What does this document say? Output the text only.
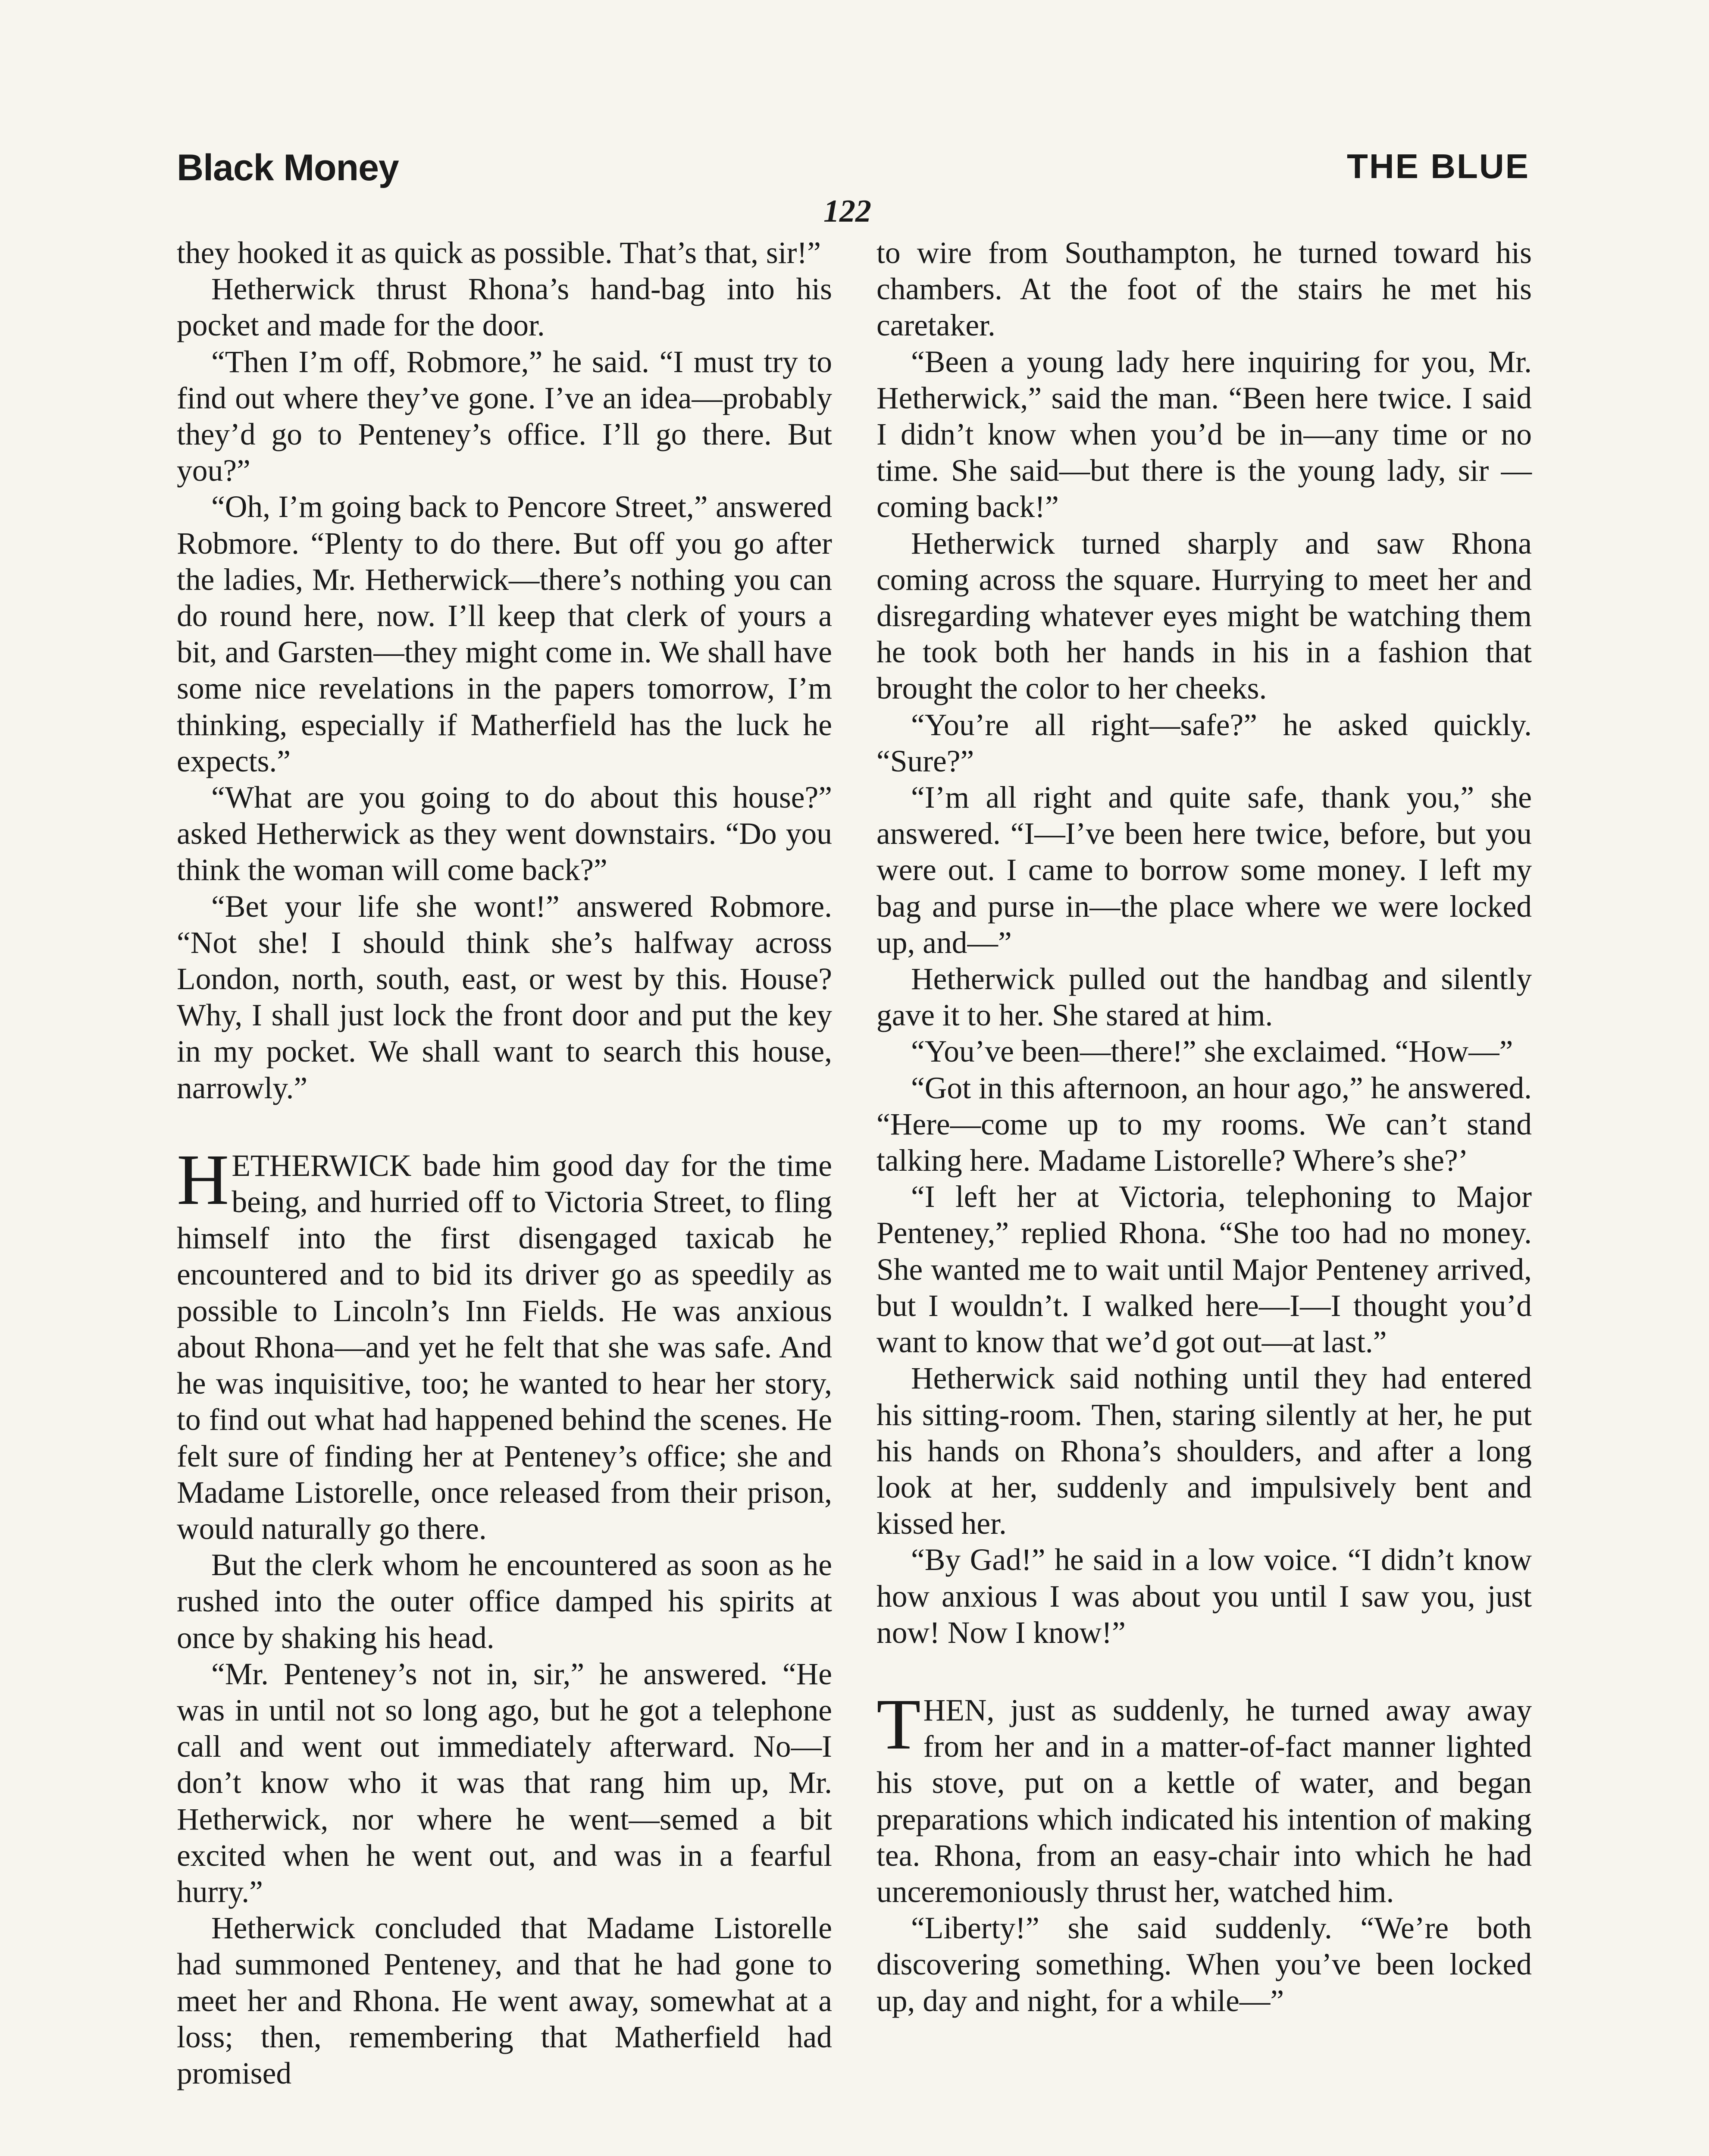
Black Money	THE BLUE
122

they hooked it as quick as possible. That’s that, sir!”

Hetherwick thrust Rhona’s hand-bag into his pocket and made for the door.

“Then I’m off, Robmore,” he said. “I must try to find out where they’ve gone. I’ve an idea—probably they’d go to Penteney’s office. I’ll go there. But you?”

“Oh, I’m going back to Pencore Street,” answered Robmore. “Plenty to do there. But off you go after the ladies, Mr. Hetherwick—there’s nothing you can do round here, now. I’ll keep that clerk of yours a bit, and Garsten—they might come in. We shall have some nice revelations in the papers tomorrow, I’m thinking, especially if Matherfield has the luck he expects.”

“What are you going to do about this house?” asked Hetherwick as they went downstairs. “Do you think the woman will come back?”

“Bet your life she wont!” answered Robmore. “Not she! I should think she’s halfway across London, north, south, east, or west by this. House? Why, I shall just lock the front door and put the key in my pocket. We shall want to search this house, narrowly.”

HETHERWICK bade him good day for the time being, and hurried off to Victoria Street, to fling himself into the first disengaged taxicab he encountered and to bid its driver go as speedily as possible to Lincoln’s Inn Fields. He was anxious about Rhona—and yet he felt that she was safe. And he was inquisitive, too; he wanted to hear her story, to find out what had happened behind the scenes. He felt sure of finding her at Penteney’s office; she and Madame Listorelle, once released from their prison, would naturally go there.

But the clerk whom he encountered as soon as he rushed into the outer office damped his spirits at once by shaking his head.

“Mr. Penteney’s not in, sir,” he answered. “He was in until not so long ago, but he got a telephone call and went out immediately afterward. No—I don’t know who it was that rang him up, Mr. Hetherwick, nor where he went—semed a bit excited when he went out, and was in a fearful hurry.”

Hetherwick concluded that Madame Listorelle had summoned Penteney, and that he had gone to meet her and Rhona. He went away, somewhat at a loss; then, remembering that Matherfield had promised

to wire from Southampton, he turned toward his chambers. At the foot of the stairs he met his caretaker.

“Been a young lady here inquiring for you, Mr. Hetherwick,” said the man. “Been here twice. I said I didn’t know when you’d be in—any time or no time. She said—but there is the young lady, sir —coming back!”

Hetherwick turned sharply and saw Rhona coming across the square. Hurrying to meet her and disregarding whatever eyes might be watching them he took both her hands in his in a fashion that brought the color to her cheeks.

“You’re all right—safe?” he asked quickly. “Sure?”

“I’m all right and quite safe, thank you,” she answered. “I—I’ve been here twice, before, but you were out. I came to borrow some money. I left my bag and purse in—the place where we were locked up, and—”

Hetherwick pulled out the handbag and silently gave it to her. She stared at him.

“You’ve been—there!” she exclaimed. “How—”

“Got in this afternoon, an hour ago,” he answered. “Here—come up to my rooms. We can’t stand talking here. Madame Listorelle? Where’s she?’

“I left her at Victoria, telephoning to Major Penteney,” replied Rhona. “She too had no money. She wanted me to wait until Major Penteney arrived, but I wouldn’t. I walked here—I—I thought you’d want to know that we’d got out—at last.”

Hetherwick said nothing until they had entered his sitting-room. Then, staring silently at her, he put his hands on Rhona’s shoulders, and after a long look at her, suddenly and impulsively bent and kissed her.

“By Gad!” he said in a low voice. “I didn’t know how anxious I was about you until I saw you, just now! Now I know!”

THEN, just as suddenly, he turned away away from her and in a matter-of-fact manner lighted his stove, put on a kettle of water, and began preparations which indicated his intention of making tea. Rhona, from an easy-chair into which he had unceremoniously thrust her, watched him.

“Liberty!” she said suddenly. “We’re both discovering something. When you’ve been locked up, day and night, for a while—”
